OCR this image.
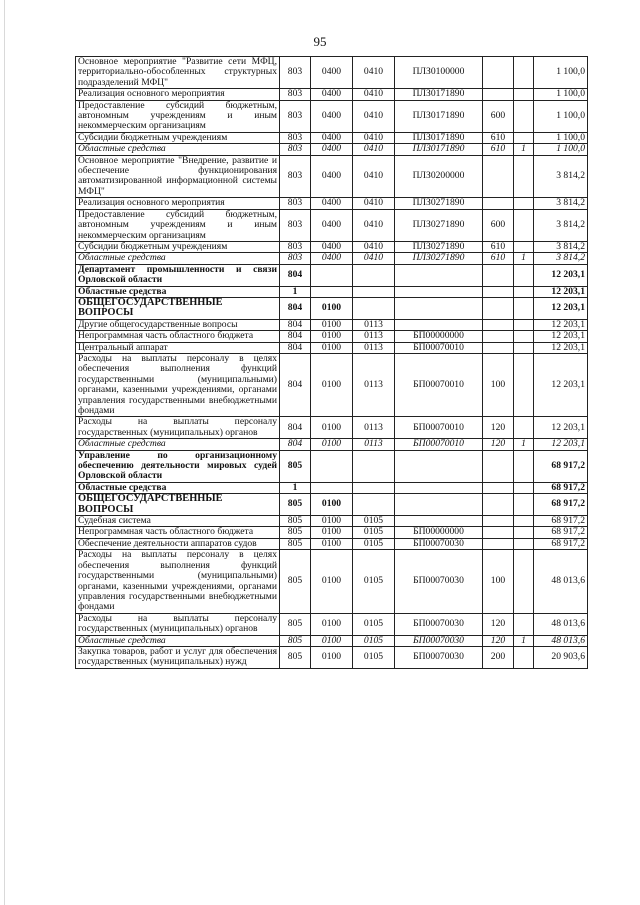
95
Основное мероприятие "Развитие сети МФЦ, территориально-обособленных структурных подразделений МФЦ"	803	0400	0410	ПЛЗ0100000			1 100,0
Реализация основного мероприятия	803	0400	0410	ПЛЗ0171890			1 100,0
Предоставление субсидий бюджетным, автономным учреждениям и иным некоммерческим организациям	803	0400	0410	ПЛЗ0171890	600		1 100,0
Субсидии бюджетным учреждениям	803	0400	0410	ПЛЗ0171890	610		1 100,0
Областные средства	803	0400	0410	ПЛЗ0171890	610	1	1 100,0
Основное мероприятие "Внедрение, развитие и обеспечение функционирования автоматизированной информационной системы МФЦ"	803	0400	0410	ПЛЗ0200000			3 814,2
Реализация основного мероприятия	803	0400	0410	ПЛЗ0271890			3 814,2
Предоставление субсидий бюджетным, автономным учреждениям и иным некоммерческим организациям	803	0400	0410	ПЛЗ0271890	600		3 814,2
Субсидии бюджетным учреждениям	803	0400	0410	ПЛЗ0271890	610		3 814,2
Областные средства	803	0400	0410	ПЛЗ0271890	610	1	3 814,2
Департамент промышленности и связи Орловской области	804						12 203,1
Областные средства	1						12 203,1
ОБЩЕГОСУДАРСТВЕННЫЕ ВОПРОСЫ	804	0100					12 203,1
Другие общегосударственные вопросы	804	0100	0113				12 203,1
Непрограммная часть областного бюджета	804	0100	0113	БП00000000			12 203,1
Центральный аппарат	804	0100	0113	БП00070010			12 203,1
Расходы на выплаты персоналу в целях обеспечения выполнения функций государственными (муниципальными) органами, казенными учреждениями, органами управления государственными внебюджетными фондами	804	0100	0113	БП00070010	100		12 203,1
Расходы на выплаты персоналу государственных (муниципальных) органов	804	0100	0113	БП00070010	120		12 203,1
Областные средства	804	0100	0113	БП00070010	120	1	12 203,1
Управление по организационному обеспечению деятельности мировых судей Орловской области	805						68 917,2
Областные средства	1						68 917,2
ОБЩЕГОСУДАРСТВЕННЫЕ ВОПРОСЫ	805	0100					68 917,2
Судебная система	805	0100	0105				68 917,2
Непрограммная часть областного бюджета	805	0100	0105	БП00000000			68 917,2
Обеспечение деятельности аппаратов судов	805	0100	0105	БП00070030			68 917,2
Расходы на выплаты персоналу в целях обеспечения выполнения функций государственными (муниципальными) органами, казенными учреждениями, органами управления государственными внебюджетными фондами	805	0100	0105	БП00070030	100		48 013,6
Расходы на выплаты персоналу государственных (муниципальных) органов	805	0100	0105	БП00070030	120		48 013,6
Областные средства	805	0100	0105	БП00070030	120	1	48 013,6
Закупка товаров, работ и услуг для обеспечения государственных (муниципальных) нужд	805	0100	0105	БП00070030	200		20 903,6
